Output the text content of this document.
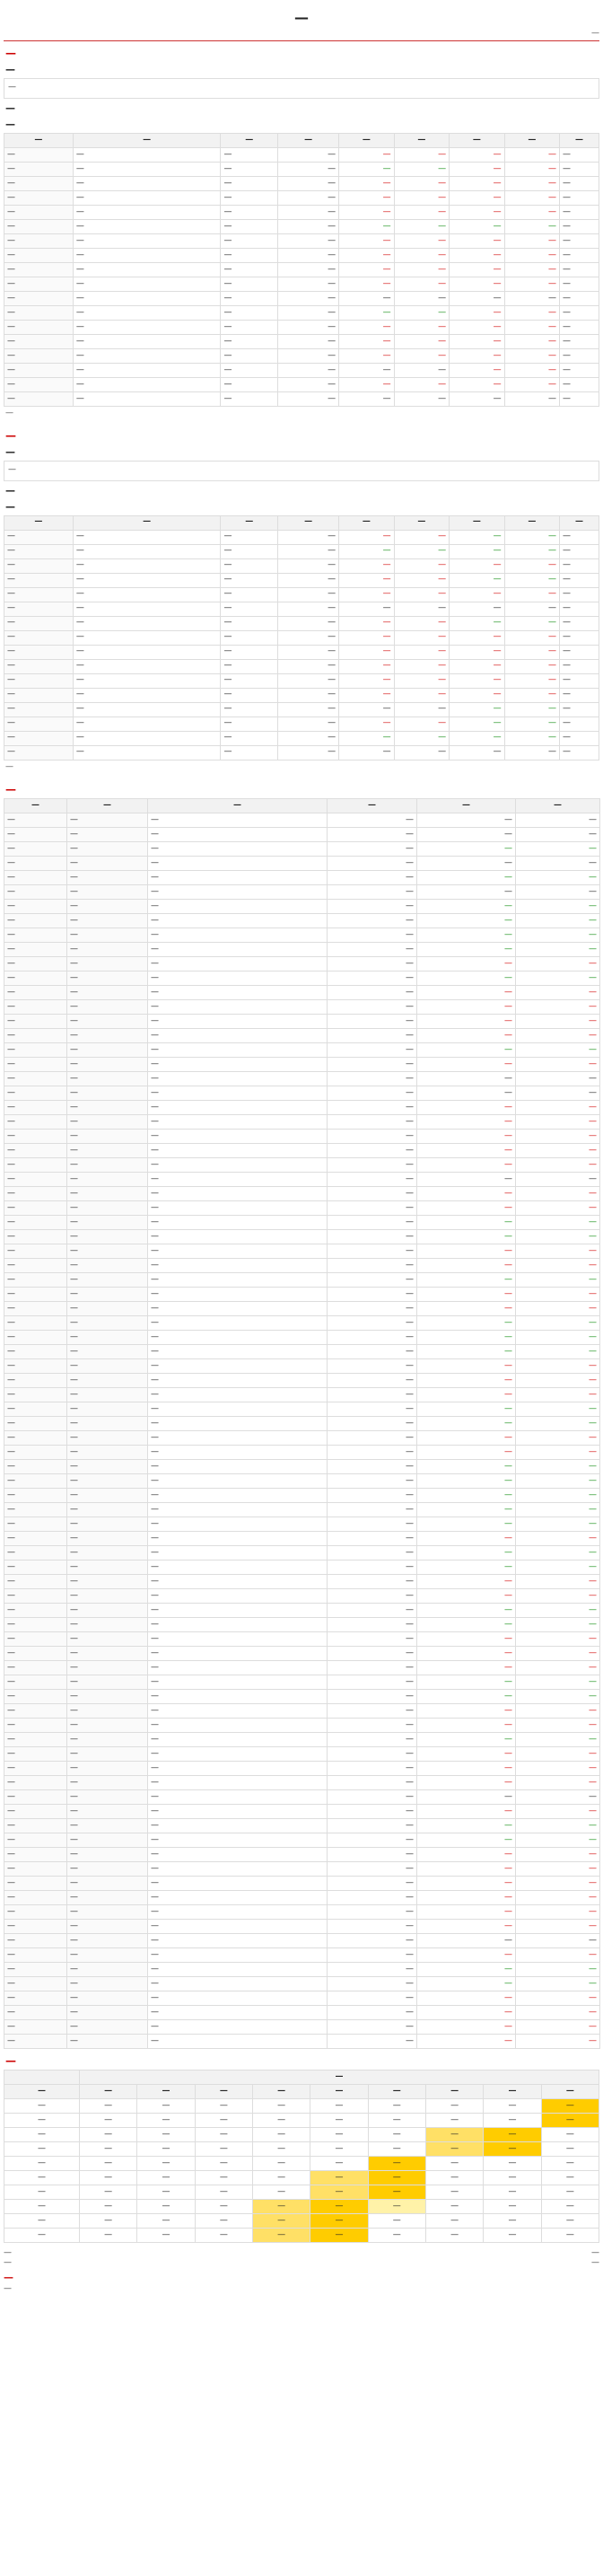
—
—
—
—

—

—
—
—	—	—	—	—	—	—	—	—
—	—	—	—	—	—	—	—	—
—	—	—	—	—	—	—	—	—
—	—	—	—	—	—	—	—	—
—	—	—	—	—	—	—	—	—
—	—	—	—	—	—	—	—	—
—	—	—	—	—	—	—	—	—
—	—	—	—	—	—	—	—	—
—	—	—	—	—	—	—	—	—
—	—	—	—	—	—	—	—	—
—	—	—	—	—	—	—	—	—
—	—	—	—	—	—	—	—	—
—	—	—	—	—	—	—	—	—
—	—	—	—	—	—	—	—	—
—	—	—	—	—	—	—	—	—
—	—	—	—	—	—	—	—	—
—	—	—	—	—	—	—	—	—
—	—	—	—	—	—	—	—	—
—	—	—	—	—	—	—	—	—
—
—
—

—

—
—
—	—	—	—	—	—	—	—	—
—	—	—	—	—	—	—	—	—
—	—	—	—	—	—	—	—	—
—	—	—	—	—	—	—	—	—
—	—	—	—	—	—	—	—	—
—	—	—	—	—	—	—	—	—
—	—	—	—	—	—	—	—	—
—	—	—	—	—	—	—	—	—
—	—	—	—	—	—	—	—	—
—	—	—	—	—	—	—	—	—
—	—	—	—	—	—	—	—	—
—	—	—	—	—	—	—	—	—
—	—	—	—	—	—	—	—	—
—	—	—	—	—	—	—	—	—
—	—	—	—	—	—	—	—	—
—	—	—	—	—	—	—	—	—
—	—	—	—	—	—	—	—	—
—
—
—	—	—	—	—	—
—	—	—	—	—	—
—	—	—	—	—	—
—	—	—	—	—	—
—	—	—	—	—	—
—	—	—	—	—	—
—	—	—	—	—	—
—	—	—	—	—	—
—	—	—	—	—	—
—	—	—	—	—	—
—	—	—	—	—	—
—	—	—	—	—	—
—	—	—	—	—	—
—	—	—	—	—	—
—	—	—	—	—	—
—	—	—	—	—	—
—	—	—	—	—	—
—	—	—	—	—	—
—	—	—	—	—	—
—	—	—	—	—	—
—	—	—	—	—	—
—	—	—	—	—	—
—	—	—	—	—	—
—	—	—	—	—	—
—	—	—	—	—	—
—	—	—	—	—	—
—	—	—	—	—	—
—	—	—	—	—	—
—	—	—	—	—	—
—	—	—	—	—	—
—	—	—	—	—	—
—	—	—	—	—	—
—	—	—	—	—	—
—	—	—	—	—	—
—	—	—	—	—	—
—	—	—	—	—	—
—	—	—	—	—	—
—	—	—	—	—	—
—	—	—	—	—	—
—	—	—	—	—	—
—	—	—	—	—	—
—	—	—	—	—	—
—	—	—	—	—	—
—	—	—	—	—	—
—	—	—	—	—	—
—	—	—	—	—	—
—	—	—	—	—	—
—	—	—	—	—	—
—	—	—	—	—	—
—	—	—	—	—	—
—	—	—	—	—	—
—	—	—	—	—	—
—	—	—	—	—	—
—	—	—	—	—	—
—	—	—	—	—	—
—	—	—	—	—	—
—	—	—	—	—	—
—	—	—	—	—	—
—	—	—	—	—	—
—	—	—	—	—	—
—	—	—	—	—	—
—	—	—	—	—	—
—	—	—	—	—	—
—	—	—	—	—	—
—	—	—	—	—	—
—	—	—	—	—	—
—	—	—	—	—	—
—	—	—	—	—	—
—	—	—	—	—	—
—	—	—	—	—	—
—	—	—	—	—	—
—	—	—	—	—	—
—	—	—	—	—	—
—	—	—	—	—	—
—	—	—	—	—	—
—	—	—	—	—	—
—	—	—	—	—	—
—	—	—	—	—	—
—	—	—	—	—	—
—	—	—	—	—	—
—	—	—	—	—	—
—	—	—	—	—	—
—	—	—	—	—	—
—	—	—	—	—	—
—	—	—	—	—	—
—	—	—	—	—	—
—	—	—	—	—	—
—
	—								
—	—	—	—	—	—	—	—	—	—
—	—	—	—	—	—	—	—	—	—
—	—	—	—	—	—	—	—	—	—
—	—	—	—	—	—	—	—	—	—
—	—	—	—	—	—	—	—	—	—
—	—	—	—	—	—	—	—	—	—
—	—	—	—	—	—	—	—	—	—
—	—	—	—	—	—	—	—	—	—
—	—	—	—	—	—	—	—	—	—
—	—	—	—	—	—	—	—	—	—
—	—	—	—	—	—	—	—	—	—
—	—
—	—
—
—
